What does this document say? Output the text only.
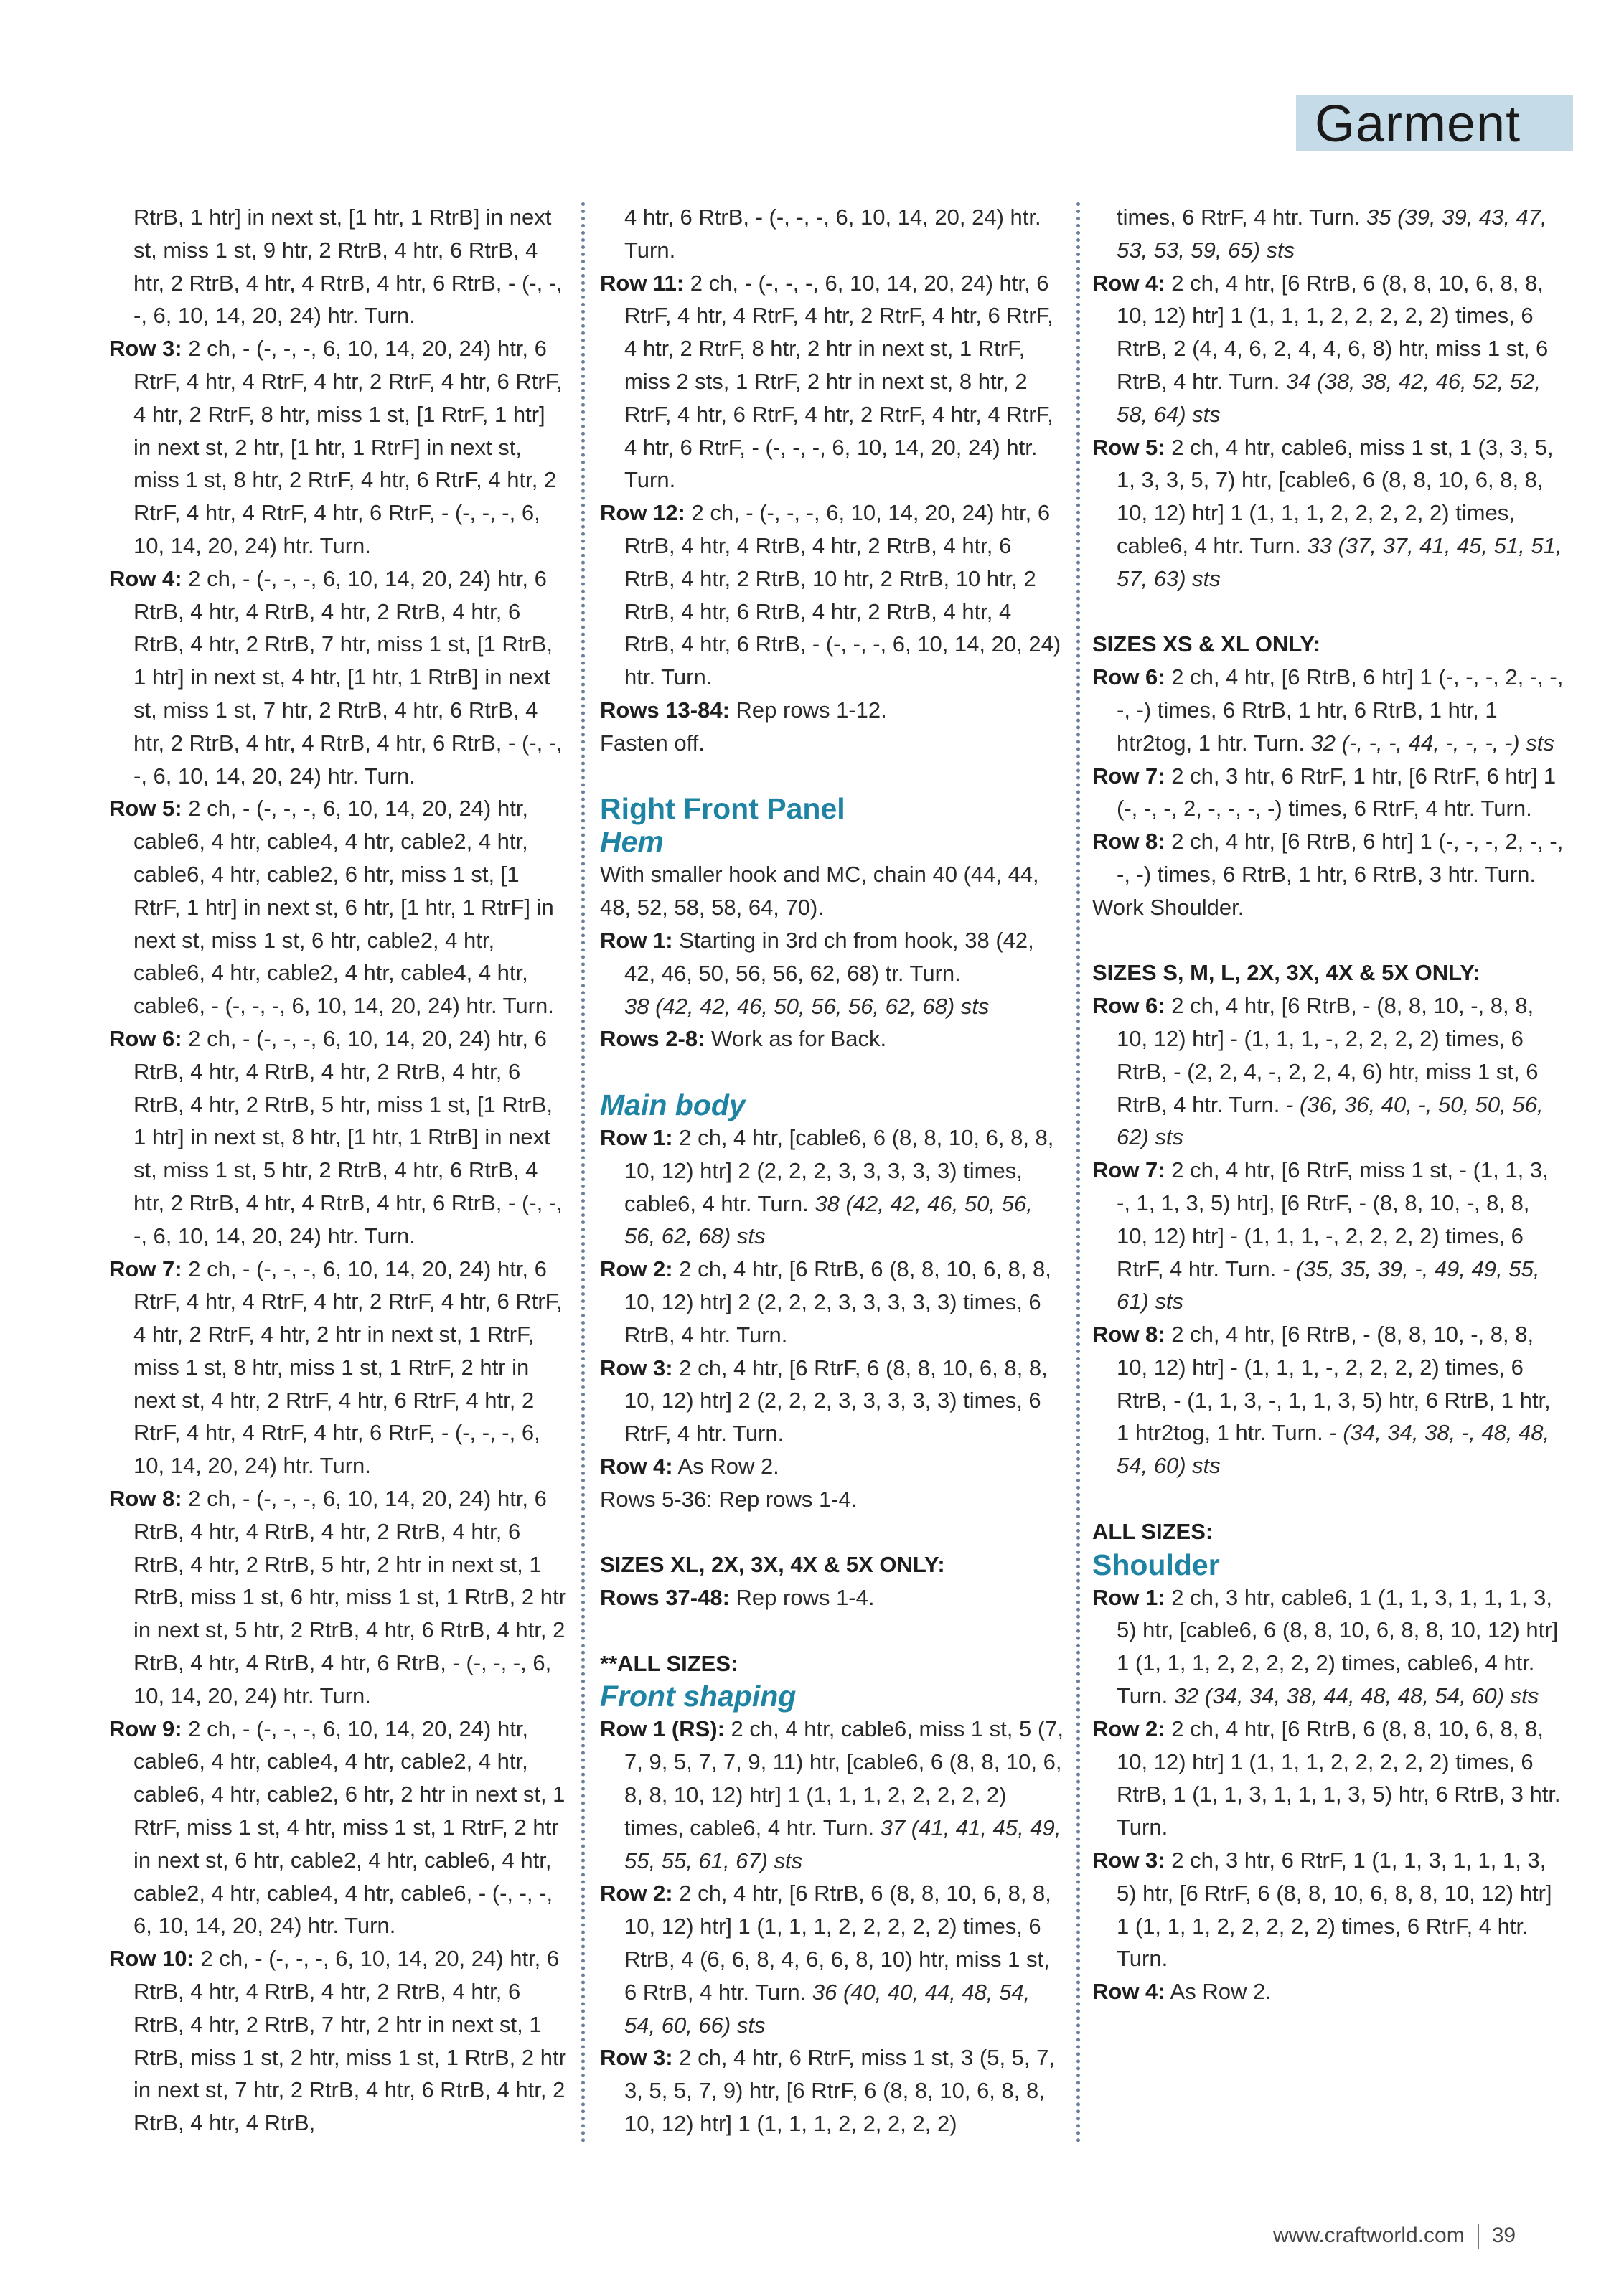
Garment
RtrB, 1 htr] in next st, [1 htr, 1 RtrB] in next st, miss 1 st, 9 htr, 2 RtrB, 4 htr, 6 RtrB, 4 htr, 2 RtrB, 4 htr, 4 RtrB, 4 htr, 6 RtrB, - (-, -, -, 6, 10, 14, 20, 24) htr. Turn.
Row 3: 2 ch, - (-, -, -, 6, 10, 14, 20, 24) htr, 6 RtrF, 4 htr, 4 RtrF, 4 htr, 2 RtrF, 4 htr, 6 RtrF, 4 htr, 2 RtrF, 8 htr, miss 1 st, [1 RtrF, 1 htr] in next st, 2 htr, [1 htr, 1 RtrF] in next st, miss 1 st, 8 htr, 2 RtrF, 4 htr, 6 RtrF, 4 htr, 2 RtrF, 4 htr, 4 RtrF, 4 htr, 6 RtrF, - (-, -, -, 6, 10, 14, 20, 24) htr. Turn.
Row 4: 2 ch, - (-, -, -, 6, 10, 14, 20, 24) htr, 6 RtrB, 4 htr, 4 RtrB, 4 htr, 2 RtrB, 4 htr, 6 RtrB, 4 htr, 2 RtrB, 7 htr, miss 1 st, [1 RtrB, 1 htr] in next st, 4 htr, [1 htr, 1 RtrB] in next st, miss 1 st, 7 htr, 2 RtrB, 4 htr, 6 RtrB, 4 htr, 2 RtrB, 4 htr, 4 RtrB, 4 htr, 6 RtrB, - (-, -, -, 6, 10, 14, 20, 24) htr. Turn.
Row 5: 2 ch, - (-, -, -, 6, 10, 14, 20, 24) htr, cable6, 4 htr, cable4, 4 htr, cable2, 4 htr, cable6, 4 htr, cable2, 6 htr, miss 1 st, [1 RtrF, 1 htr] in next st, 6 htr, [1 htr, 1 RtrF] in next st, miss 1 st, 6 htr, cable2, 4 htr, cable6, 4 htr, cable2, 4 htr, cable4, 4 htr, cable6, - (-, -, -, 6, 10, 14, 20, 24) htr. Turn.
Row 6: 2 ch, - (-, -, -, 6, 10, 14, 20, 24) htr, 6 RtrB, 4 htr, 4 RtrB, 4 htr, 2 RtrB, 4 htr, 6 RtrB, 4 htr, 2 RtrB, 5 htr, miss 1 st, [1 RtrB, 1 htr] in next st, 8 htr, [1 htr, 1 RtrB] in next st, miss 1 st, 5 htr, 2 RtrB, 4 htr, 6 RtrB, 4 htr, 2 RtrB, 4 htr, 4 RtrB, 4 htr, 6 RtrB, - (-, -, -, 6, 10, 14, 20, 24) htr. Turn.
Row 7: 2 ch, - (-, -, -, 6, 10, 14, 20, 24) htr, 6 RtrF, 4 htr, 4 RtrF, 4 htr, 2 RtrF, 4 htr, 6 RtrF, 4 htr, 2 RtrF, 4 htr, 2 htr in next st, 1 RtrF, miss 1 st, 8 htr, miss 1 st, 1 RtrF, 2 htr in next st, 4 htr, 2 RtrF, 4 htr, 6 RtrF, 4 htr, 2 RtrF, 4 htr, 4 RtrF, 4 htr, 6 RtrF, - (-, -, -, 6, 10, 14, 20, 24) htr. Turn.
Row 8: 2 ch, - (-, -, -, 6, 10, 14, 20, 24) htr, 6 RtrB, 4 htr, 4 RtrB, 4 htr, 2 RtrB, 4 htr, 6 RtrB, 4 htr, 2 RtrB, 5 htr, 2 htr in next st, 1 RtrB, miss 1 st, 6 htr, miss 1 st, 1 RtrB, 2 htr in next st, 5 htr, 2 RtrB, 4 htr, 6 RtrB, 4 htr, 2 RtrB, 4 htr, 4 RtrB, 4 htr, 6 RtrB, - (-, -, -, 6, 10, 14, 20, 24) htr. Turn.
Row 9: 2 ch, - (-, -, -, 6, 10, 14, 20, 24) htr, cable6, 4 htr, cable4, 4 htr, cable2, 4 htr, cable6, 4 htr, cable2, 6 htr, 2 htr in next st, 1 RtrF, miss 1 st, 4 htr, miss 1 st, 1 RtrF, 2 htr in next st, 6 htr, cable2, 4 htr, cable6, 4 htr, cable2, 4 htr, cable4, 4 htr, cable6, - (-, -, -, 6, 10, 14, 20, 24) htr. Turn.
Row 10: 2 ch, - (-, -, -, 6, 10, 14, 20, 24) htr, 6 RtrB, 4 htr, 4 RtrB, 4 htr, 2 RtrB, 4 htr, 6 RtrB, 4 htr, 2 RtrB, 7 htr, 2 htr in next st, 1 RtrB, miss 1 st, 2 htr, miss 1 st, 1 RtrB, 2 htr in next st, 7 htr, 2 RtrB, 4 htr, 6 RtrB, 4 htr, 2 RtrB, 4 htr, 4 RtrB,
4 htr, 6 RtrB, - (-, -, -, 6, 10, 14, 20, 24) htr. Turn.
Row 11: 2 ch, - (-, -, -, 6, 10, 14, 20, 24) htr, 6 RtrF, 4 htr, 4 RtrF, 4 htr, 2 RtrF, 4 htr, 6 RtrF, 4 htr, 2 RtrF, 8 htr, 2 htr in next st, 1 RtrF, miss 2 sts, 1 RtrF, 2 htr in next st, 8 htr, 2 RtrF, 4 htr, 6 RtrF, 4 htr, 2 RtrF, 4 htr, 4 RtrF, 4 htr, 6 RtrF, - (-, -, -, 6, 10, 14, 20, 24) htr. Turn.
Row 12: 2 ch, - (-, -, -, 6, 10, 14, 20, 24) htr, 6 RtrB, 4 htr, 4 RtrB, 4 htr, 2 RtrB, 4 htr, 6 RtrB, 4 htr, 2 RtrB, 10 htr, 2 RtrB, 10 htr, 2 RtrB, 4 htr, 6 RtrB, 4 htr, 2 RtrB, 4 htr, 4 RtrB, 4 htr, 6 RtrB, - (-, -, -, 6, 10, 14, 20, 24) htr. Turn.
Rows 13-84: Rep rows 1-12.
Fasten off.
Right Front Panel
Hem
With smaller hook and MC, chain 40 (44, 44, 48, 52, 58, 58, 64, 70).
Row 1: Starting in 3rd ch from hook, 38 (42, 42, 46, 50, 56, 56, 62, 68) tr. Turn.
38 (42, 42, 46, 50, 56, 56, 62, 68) sts
Rows 2-8: Work as for Back.
Main body
Row 1: 2 ch, 4 htr, [cable6, 6 (8, 8, 10, 6, 8, 8, 10, 12) htr] 2 (2, 2, 2, 3, 3, 3, 3, 3) times, cable6, 4 htr. Turn. 38 (42, 42, 46, 50, 56, 56, 62, 68) sts
Row 2: 2 ch, 4 htr, [6 RtrB, 6 (8, 8, 10, 6, 8, 8, 10, 12) htr] 2 (2, 2, 2, 3, 3, 3, 3, 3) times, 6 RtrB, 4 htr. Turn.
Row 3: 2 ch, 4 htr, [6 RtrF, 6 (8, 8, 10, 6, 8, 8, 10, 12) htr] 2 (2, 2, 2, 3, 3, 3, 3, 3) times, 6 RtrF, 4 htr. Turn.
Row 4: As Row 2.
Rows 5-36: Rep rows 1-4.
SIZES XL, 2X, 3X, 4X & 5X ONLY:
Rows 37-48: Rep rows 1-4.
**ALL SIZES:
Front shaping
Row 1 (RS): 2 ch, 4 htr, cable6, miss 1 st, 5 (7, 7, 9, 5, 7, 7, 9, 11) htr, [cable6, 6 (8, 8, 10, 6, 8, 8, 10, 12) htr] 1 (1, 1, 1, 2, 2, 2, 2, 2) times, cable6, 4 htr. Turn. 37 (41, 41, 45, 49, 55, 55, 61, 67) sts
Row 2: 2 ch, 4 htr, [6 RtrB, 6 (8, 8, 10, 6, 8, 8, 10, 12) htr] 1 (1, 1, 1, 2, 2, 2, 2, 2) times, 6 RtrB, 4 (6, 6, 8, 4, 6, 6, 8, 10) htr, miss 1 st, 6 RtrB, 4 htr. Turn. 36 (40, 40, 44, 48, 54, 54, 60, 66) sts
Row 3: 2 ch, 4 htr, 6 RtrF, miss 1 st, 3 (5, 5, 7, 3, 5, 5, 7, 9) htr, [6 RtrF, 6 (8, 8, 10, 6, 8, 8, 10, 12) htr] 1 (1, 1, 1, 2, 2, 2, 2, 2)
times, 6 RtrF, 4 htr. Turn. 35 (39, 39, 43, 47, 53, 53, 59, 65) sts
Row 4: 2 ch, 4 htr, [6 RtrB, 6 (8, 8, 10, 6, 8, 8, 10, 12) htr] 1 (1, 1, 1, 2, 2, 2, 2, 2) times, 6 RtrB, 2 (4, 4, 6, 2, 4, 4, 6, 8) htr, miss 1 st, 6 RtrB, 4 htr. Turn. 34 (38, 38, 42, 46, 52, 52, 58, 64) sts
Row 5: 2 ch, 4 htr, cable6, miss 1 st, 1 (3, 3, 5, 1, 3, 3, 5, 7) htr, [cable6, 6 (8, 8, 10, 6, 8, 8, 10, 12) htr] 1 (1, 1, 1, 2, 2, 2, 2, 2) times, cable6, 4 htr. Turn. 33 (37, 37, 41, 45, 51, 51, 57, 63) sts
SIZES XS & XL ONLY:
Row 6: 2 ch, 4 htr, [6 RtrB, 6 htr] 1 (-, -, -, 2, -, -, -, -) times, 6 RtrB, 1 htr, 6 RtrB, 1 htr, 1 htr2tog, 1 htr. Turn. 32 (-, -, -, 44, -, -, -, -) sts
Row 7: 2 ch, 3 htr, 6 RtrF, 1 htr, [6 RtrF, 6 htr] 1 (-, -, -, 2, -, -, -, -) times, 6 RtrF, 4 htr. Turn.
Row 8: 2 ch, 4 htr, [6 RtrB, 6 htr] 1 (-, -, -, 2, -, -, -, -) times, 6 RtrB, 1 htr, 6 RtrB, 3 htr. Turn.
Work Shoulder.
SIZES S, M, L, 2X, 3X, 4X & 5X ONLY:
Row 6: 2 ch, 4 htr, [6 RtrB, - (8, 8, 10, -, 8, 8, 10, 12) htr] - (1, 1, 1, -, 2, 2, 2, 2) times, 6 RtrB, - (2, 2, 4, -, 2, 2, 4, 6) htr, miss 1 st, 6 RtrB, 4 htr. Turn. - (36, 36, 40, -, 50, 50, 56, 62) sts
Row 7: 2 ch, 4 htr, [6 RtrF, miss 1 st, - (1, 1, 3, -, 1, 1, 3, 5) htr], [6 RtrF, - (8, 8, 10, -, 8, 8, 10, 12) htr] - (1, 1, 1, -, 2, 2, 2, 2) times, 6 RtrF, 4 htr. Turn. - (35, 35, 39, -, 49, 49, 55, 61) sts
Row 8: 2 ch, 4 htr, [6 RtrB, - (8, 8, 10, -, 8, 8, 10, 12) htr] - (1, 1, 1, -, 2, 2, 2, 2) times, 6 RtrB, - (1, 1, 3, -, 1, 1, 3, 5) htr, 6 RtrB, 1 htr, 1 htr2tog, 1 htr. Turn. - (34, 34, 38, -, 48, 48, 54, 60) sts
ALL SIZES:
Shoulder
Row 1: 2 ch, 3 htr, cable6, 1 (1, 1, 3, 1, 1, 1, 3, 5) htr, [cable6, 6 (8, 8, 10, 6, 8, 8, 10, 12) htr] 1 (1, 1, 1, 2, 2, 2, 2, 2) times, cable6, 4 htr. Turn. 32 (34, 34, 38, 44, 48, 48, 54, 60) sts
Row 2: 2 ch, 4 htr, [6 RtrB, 6 (8, 8, 10, 6, 8, 8, 10, 12) htr] 1 (1, 1, 1, 2, 2, 2, 2, 2) times, 6 RtrB, 1 (1, 1, 3, 1, 1, 1, 3, 5) htr, 6 RtrB, 3 htr. Turn.
Row 3: 2 ch, 3 htr, 6 RtrF, 1 (1, 1, 3, 1, 1, 1, 3, 5) htr, [6 RtrF, 6 (8, 8, 10, 6, 8, 8, 10, 12) htr] 1 (1, 1, 1, 2, 2, 2, 2, 2) times, 6 RtrF, 4 htr. Turn.
Row 4: As Row 2.
www.craftworld.com 39
